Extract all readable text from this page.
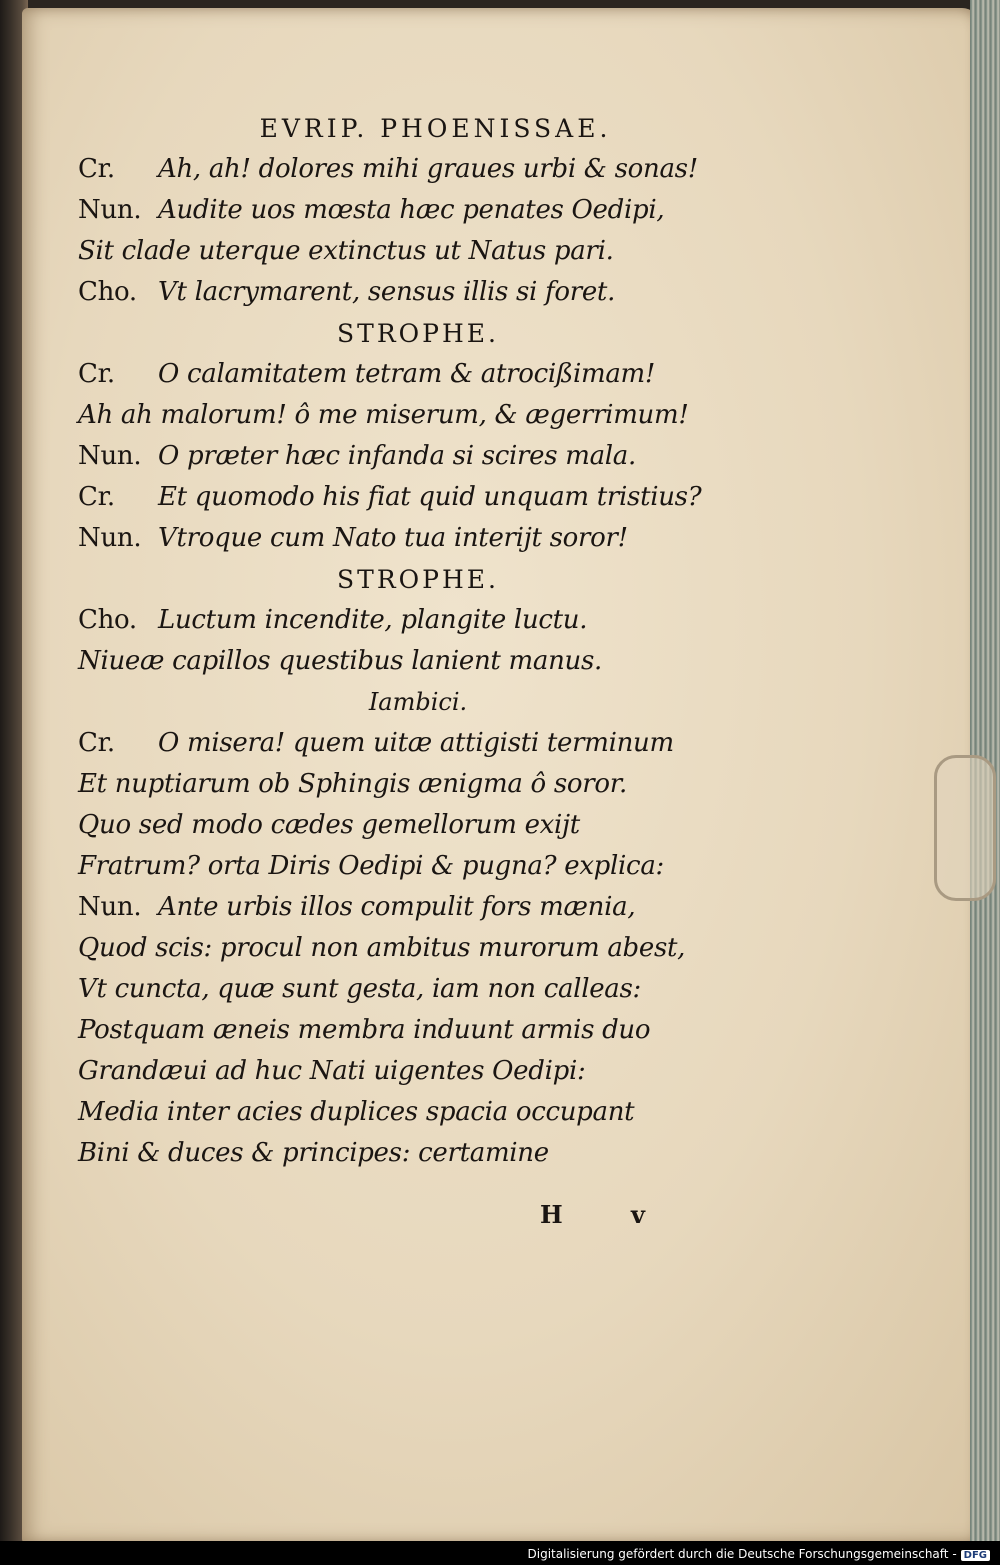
EVRIP. PHOENISSAE.
Cr. Ah, ah! dolores mihi graues urbi & sonas!
Nun. Audite uos mœsta hæc penates Oedipi,
Sit clade uterque extinctus ut Natus pari.
Cho. Vt lacrymarent, sensus illis si foret.
STROPHE.
Cr. O calamitatem tetram & atrocißimam!
Ah ah malorum! ô me miserum, & ægerrimum!
Nun. O præter hæc infanda si scires mala.
Cr. Et quomodo his fiat quid unquam tristius?
Nun. Vtroque cum Nato tua interijt soror!
STROPHE.
Cho. Luctum incendite, plangite luctu.
Niueæ capillos questibus lanient manus.
Iambici.
Cr. O misera! quem uitæ attigisti terminum
Et nuptiarum ob Sphingis ænigma ô soror.
Quo sed modo cædes gemellorum exijt
Fratrum? orta Diris Oedipi & pugna? explica:
Nun. Ante urbis illos compulit fors mænia,
Quod scis: procul non ambitus murorum abest,
Vt cuncta, quæ sunt gesta, iam non calleas:
Postquam æneis membra induunt armis duo
Grandæui ad huc Nati uigentes Oedipi:
Media inter acies duplices spacia occupant
Bini & duces & principes: certamine
H v
Digitalisierung gefördert durch die Deutsche Forschungsgemeinschaft - DFG
